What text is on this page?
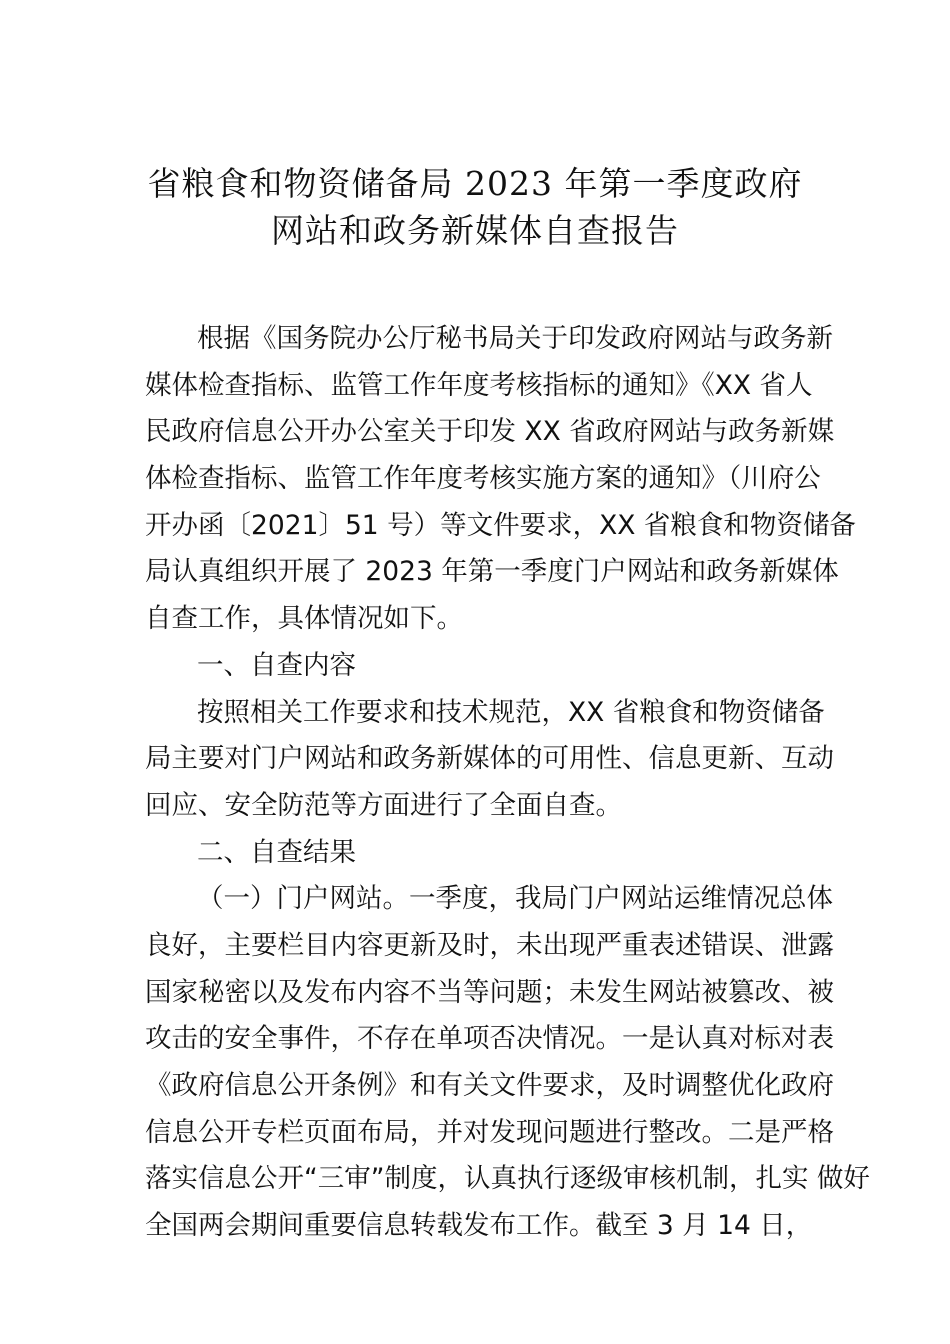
省粮食和物资储备局 2023 年第一季度政府
网站和政务新媒体自查报告
根据《国务院办公厅秘书局关于印发政府网站与政务新
媒体检查指标、监管工作年度考核指标的通知》《XX 省人
民政府信息公开办公室关于印发 XX 省政府网站与政务新媒
体检查指标、监管工作年度考核实施方案的通知》（川府公
开办函〔2021〕51 号）等文件要求，XX 省粮食和物资储备
局认真组织开展了 2023 年第一季度门户网站和政务新媒体
自查工作，具体情况如下。
一、自查内容
按照相关工作要求和技术规范，XX 省粮食和物资储备
局主要对门户网站和政务新媒体的可用性、信息更新、互动
回应、安全防范等方面进行了全面自查。
二、自查结果
（一）门户网站。一季度，我局门户网站运维情况总体
良好，主要栏目内容更新及时，未出现严重表述错误、泄露
国家秘密以及发布内容不当等问题；未发生网站被篡改、被
攻击的安全事件，不存在单项否决情况。一是认真对标对表
《政府信息公开条例》和有关文件要求，及时调整优化政府
信息公开专栏页面布局，并对发现问题进行整改。二是严格
落实信息公开“三审”制度，认真执行逐级审核机制，扎实 做好
全国两会期间重要信息转载发布工作。截至 3 月 14 日，
